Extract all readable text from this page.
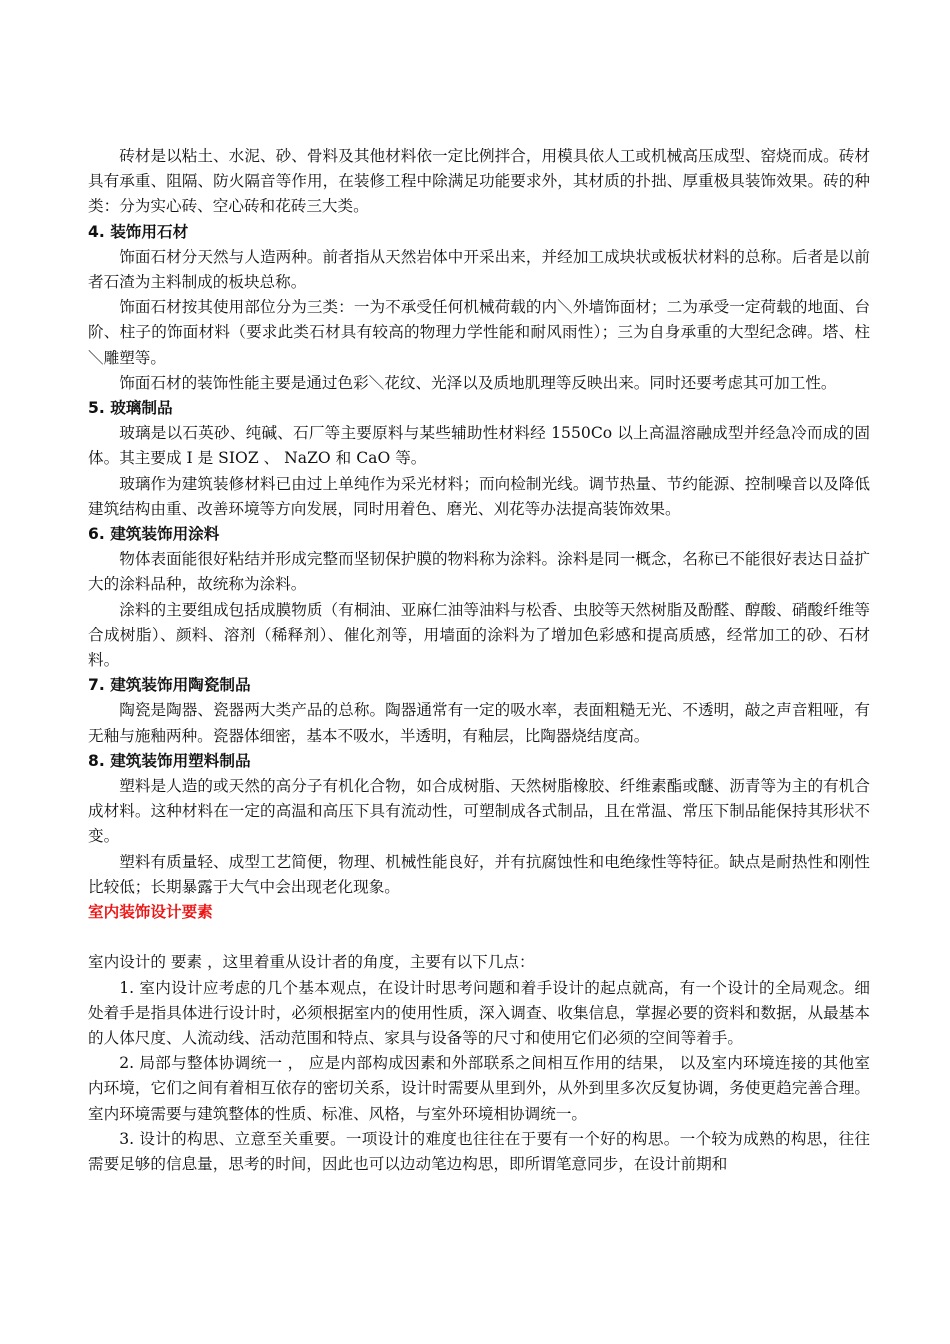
砖材是以粘土、水泥、砂、骨料及其他材料依一定比例拌合，用模具依人工或机械高压成型、窑烧而成。砖材具有承重、阻隔、防火隔音等作用，在装修工程中除满足功能要求外，其材质的扑拙、厚重极具装饰效果。砖的种类：分为实心砖、空心砖和花砖三大类。

4. 装饰用石材

饰面石材分天然与人造两种。前者指从天然岩体中开采出来，并经加工成块状或板状材料的总称。后者是以前者石渣为主料制成的板块总称。

饰面石材按其使用部位分为三类：一为不承受任何机械荷载的内＼外墙饰面材；二为承受一定荷载的地面、台阶、柱子的饰面材料（要求此类石材具有较高的物理力学性能和耐风雨性）；三为自身承重的大型纪念碑。塔、柱＼雕塑等。

饰面石材的装饰性能主要是通过色彩＼花纹、光泽以及质地肌理等反映出来。同时还要考虑其可加工性。

5. 玻璃制品

玻璃是以石英砂、纯碱、石厂等主要原料与某些辅助性材料经 1550Co 以上高温溶融成型并经急冷而成的固体。其主要成 I 是 SIOZ 、 NaZO 和 CaO 等。

玻璃作为建筑装修材料已由过上单纯作为采光材料；而向检制光线。调节热量、节约能源、控制噪音以及降低建筑结构由重、改善环境等方向发展，同时用着色、磨光、刈花等办法提高装饰效果。

6. 建筑装饰用涂料

物体表面能很好粘结并形成完整而坚韧保护膜的物料称为涂料。涂料是同一概念，名称已不能很好表达日益扩大的涂料品种，故统称为涂料。

涂料的主要组成包括成膜物质（有桐油、亚麻仁油等油料与松香、虫胶等天然树脂及酚醛、醇酸、硝酸纤维等合成树脂）、颜料、溶剂（稀释剂）、催化剂等，用墙面的涂料为了增加色彩感和提高质感，经常加工的砂、石材料。

7. 建筑装饰用陶瓷制品

陶瓷是陶器、瓷器两大类产品的总称。陶器通常有一定的吸水率，表面粗糙无光、不透明，敲之声音粗哑，有无釉与施釉两种。瓷器体细密，基本不吸水，半透明，有釉层，比陶器烧结度高。

8. 建筑装饰用塑料制品

塑料是人造的或天然的高分子有机化合物，如合成树脂、天然树脂橡胶、纤维素酯或醚、沥青等为主的有机合成材料。这种材料在一定的高温和高压下具有流动性，可塑制成各式制品，且在常温、常压下制品能保持其形状不变。

塑料有质量轻、成型工艺简便，物理、机械性能良好，并有抗腐蚀性和电绝缘性等特征。缺点是耐热性和刚性比较低；长期暴露于大气中会出现老化现象。

室内装饰设计要素

室内设计的 要素 ，这里着重从设计者的角度，主要有以下几点：

1. 室内设计应考虑的几个基本观点，在设计时思考问题和着手设计的起点就高，有一个设计的全局观念。细处着手是指具体进行设计时，必须根据室内的使用性质，深入调查、收集信息，掌握必要的资料和数据，从最基本的人体尺度、人流动线、活动范围和特点、家具与设备等的尺寸和使用它们必须的空间等着手。

2. 局部与整体协调统一 ， 应是内部构成因素和外部联系之间相互作用的结果， 以及室内环境连接的其他室内环境，它们之间有着相互依存的密切关系，设计时需要从里到外，从外到里多次反复协调，务使更趋完善合理。室内环境需要与建筑整体的性质、标准、风格，与室外环境相协调统一。

3. 设计的构思、立意至关重要。一项设计的难度也往往在于要有一个好的构思。一个较为成熟的构思，往往需要足够的信息量，思考的时间，因此也可以边动笔边构思，即所谓笔意同步，在设计前期和
